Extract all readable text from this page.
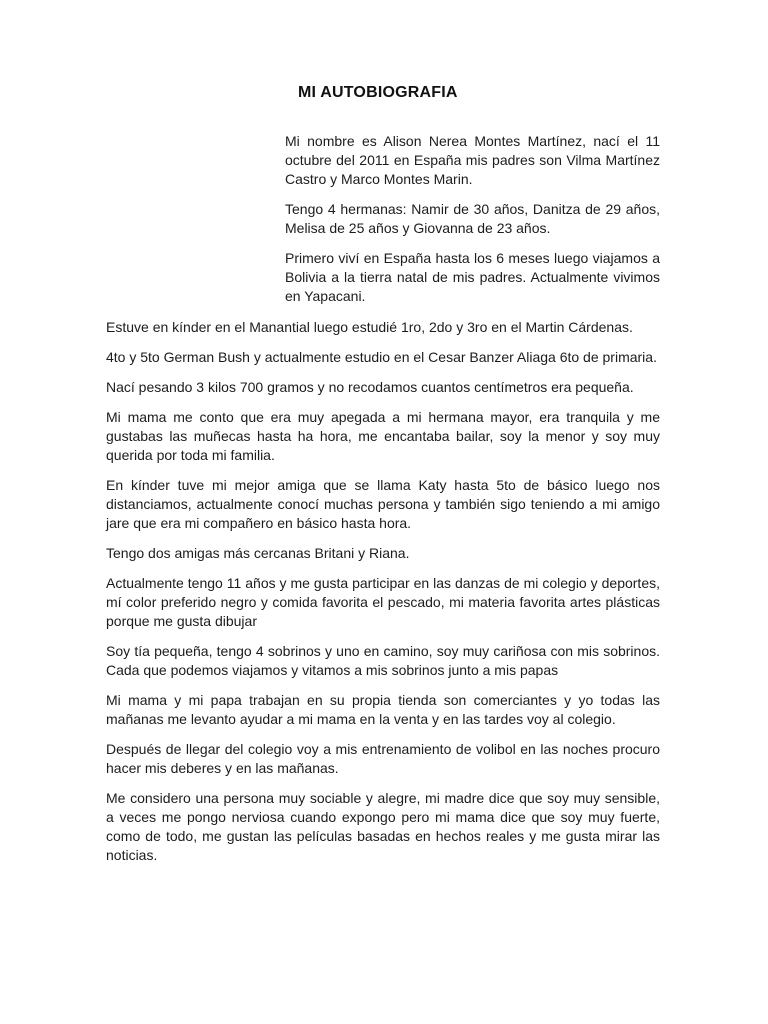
MI AUTOBIOGRAFIA

Mi nombre es Alison Nerea Montes Martínez, nací el 11 octubre del 2011 en España mis padres son Vilma Martínez Castro y Marco Montes Marin.

Tengo 4 hermanas: Namir de 30 años, Danitza de 29 años, Melisa de 25 años y Giovanna de 23 años.

Primero viví en España hasta los 6 meses luego viajamos a Bolivia a la tierra natal de mis padres. Actualmente vivimos en Yapacani.

Estuve en kínder en el Manantial luego estudié 1ro, 2do y 3ro en el Martin Cárdenas.

4to y 5to German Bush y actualmente estudio en el Cesar Banzer Aliaga 6to de primaria.

Nací pesando 3 kilos 700 gramos y no recodamos cuantos centímetros era pequeña.

Mi mama me conto que era muy apegada a mi hermana mayor, era tranquila y me gustabas las muñecas hasta ha hora, me encantaba bailar, soy la menor y soy muy querida por toda mi familia.

En kínder tuve mi mejor amiga que se llama Katy hasta 5to de básico luego nos distanciamos, actualmente conocí muchas persona y también sigo teniendo a mi amigo jare que era mi compañero en básico hasta hora.

Tengo dos amigas más cercanas Britani y Riana.

Actualmente tengo 11 años y me gusta participar en las danzas de mi colegio y deportes, mí color preferido negro y comida favorita el pescado, mi materia favorita artes plásticas porque me gusta dibujar

Soy tía pequeña, tengo 4 sobrinos y uno en camino, soy muy cariñosa con mis sobrinos. Cada que podemos viajamos y vitamos a mis sobrinos junto a mis papas

Mi mama y mi papa trabajan en su propia tienda son comerciantes y yo todas las mañanas me levanto ayudar a mi mama en la venta y en las tardes voy al colegio.

Después de llegar del colegio voy a mis entrenamiento de volibol en las noches procuro hacer mis deberes y en las mañanas.

Me considero una persona muy sociable y alegre, mi madre dice que soy muy sensible, a veces me pongo nerviosa cuando expongo pero mi mama dice que soy muy fuerte, como de todo, me gustan las películas basadas en hechos reales y me gusta mirar las noticias.
